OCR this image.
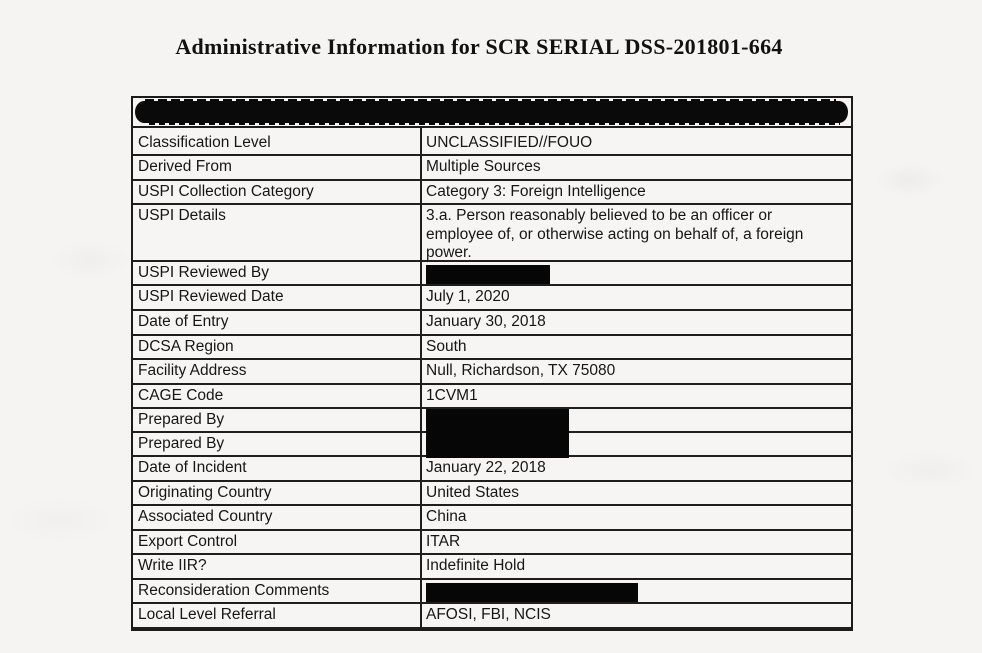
Administrative Information for SCR SERIAL DSS-201801-664
Classification Level	UNCLASSIFIED//FOUO
Derived From	Multiple Sources
USPI Collection Category	Category 3: Foreign Intelligence
USPI Details	3.a. Person reasonably believed to be an officer or employee of, or otherwise acting on behalf of, a foreign power.

USPI Reviewed By
USPI Reviewed Date	July 1, 2020
Date of Entry	January 30, 2018
DCSA Region	South
Facility Address	Null, Richardson, TX 75080
CAGE Code	1CVM1
Prepared By
Prepared By
Date of Incident	January 22, 2018
Originating Country	United States
Associated Country	China
Export Control	ITAR
Write IIR?	Indefinite Hold
Reconsideration Comments
Local Level Referral	AFOSI, FBI, NCIS
